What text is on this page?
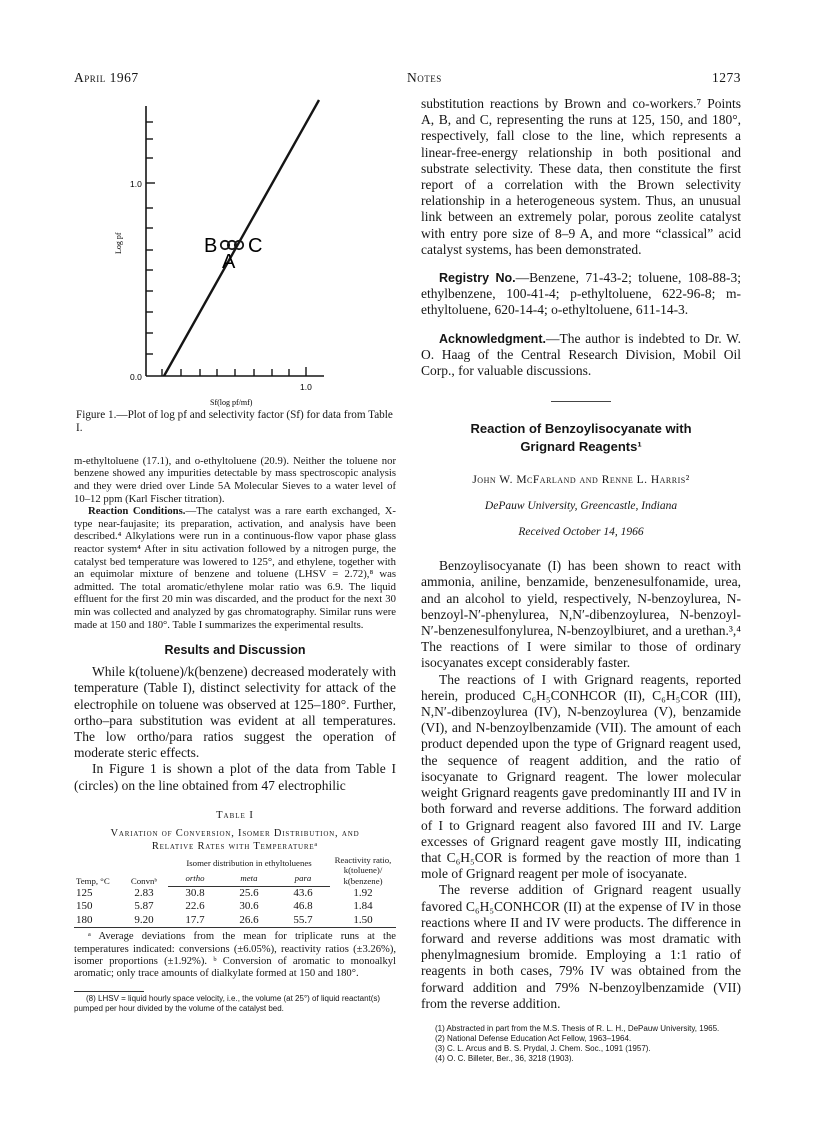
April 1967	Notes	1273
B C
A
1.0
0.0
1.0
Log pf
Sf(log pf/mf)

Figure 1.—Plot of log pf and selectivity factor (Sf) for data from Table I.

m-ethyltoluene (17.1), and o-ethyltoluene (20.9). Neither the toluene nor benzene showed any impurities detectable by mass spectroscopic analysis and they were dried over Linde 5A Molecular Sieves to a water level of 10–12 ppm (Karl Fischer titration).

Reaction Conditions.—The catalyst was a rare earth exchanged, X-type near-faujasite; its preparation, activation, and analysis have been described.⁴ Alkylations were run in a continuous-flow vapor phase glass reactor system⁴ After in situ activation followed by a nitrogen purge, the catalyst bed temperature was lowered to 125°, and ethylene, together with an equimolar mixture of benzene and toluene (LHSV = 2.72),⁸ was admitted. The total aromatic/ethylene molar ratio was 6.9. The liquid effluent for the first 20 min was discarded, and the product for the next 30 min was collected and analyzed by gas chromatography. Similar runs were made at 150 and 180°. Table I summarizes the experimental results.

Results and Discussion

While k(toluene)/k(benzene) decreased moderately with temperature (Table I), distinct selectivity for attack of the electrophile on toluene was observed at 125–180°. Further, ortho–para substitution was evident at all temperatures. The low ortho/para ratios suggest the operation of moderate steric effects.

In Figure 1 is shown a plot of the data from Table I (circles) on the line obtained from 47 electrophilic

Table I
Variation of Conversion, Isomer Distribution, and
Relative Rates with Temperatureᵃ
Temp, °C	Convnᵇ	Isomer distribution in ethyltoluenes			Reactivity ratio, k(toluene)/ k(benzene)
		ortho	meta	para	
125	2.83	30.8	25.6	43.6	1.92
150	5.87	22.6	30.6	46.8	1.84
180	9.20	17.7	26.6	55.7	1.50

ᵃ Average deviations from the mean for triplicate runs at the temperatures indicated: conversions (±6.05%), reactivity ratios (±3.26%), isomer proportions (±1.92%). ᵇ Conversion of aromatic to monoalkyl aromatic; only trace amounts of dialkylate formed at 150 and 180°.

(8) LHSV = liquid hourly space velocity, i.e., the volume (at 25°) of liquid reactant(s) pumped per hour divided by the volume of the catalyst bed.

substitution reactions by Brown and co-workers.⁷ Points A, B, and C, representing the runs at 125, 150, and 180°, respectively, fall close to the line, which represents a linear-free-energy relationship in both positional and substrate selectivity. These data, then constitute the first report of a correlation with the Brown selectivity relationship in a heterogeneous system. Thus, an unusual link between an extremely polar, porous zeolite catalyst with entry pore size of 8–9 A, and more “classical” acid catalyst systems, has been demonstrated.

Registry No.—Benzene, 71-43-2; toluene, 108-88-3; ethylbenzene, 100-41-4; p-ethyltoluene, 622-96-8; m-ethyltoluene, 620-14-4; o-ethyltoluene, 611-14-3.

Acknowledgment.—The author is indebted to Dr. W. O. Haag of the Central Research Division, Mobil Oil Corp., for valuable discussions.

Reaction of Benzoylisocyanate with

Grignard Reagents¹

John W. McFarland and Renne L. Harris²

DePauw University, Greencastle, Indiana

Received October 14, 1966

Benzoylisocyanate (I) has been shown to react with ammonia, aniline, benzamide, benzenesulfonamide, urea, and an alcohol to yield, respectively, N-benzoylurea, N-benzoyl-N′-phenylurea, N,N′-dibenzoylurea, N-benzoyl-N′-benzenesulfonylurea, N-benzoylbiuret, and a urethan.³,⁴ The reactions of I were similar to those of ordinary isocyanates except considerably faster.

The reactions of I with Grignard reagents, reported herein, produced C₆H₅CONHCOR (II), C₆H₅COR (III), N,N′-dibenzoylurea (IV), N-benzoylurea (V), benzamide (VI), and N-benzoylbenzamide (VII). The amount of each product depended upon the type of Grignard reagent used, the sequence of reagent addition, and the ratio of isocyanate to Grignard reagent. The lower molecular weight Grignard reagents gave predominantly III and IV in both forward and reverse additions. The forward addition of I to Grignard reagent also favored III and IV. Large excesses of Grignard reagent gave mostly III, indicating that C₆H₅COR is formed by the reaction of more than 1 mole of Grignard reagent per mole of isocyanate.

The reverse addition of Grignard reagent usually favored C₆H₅CONHCOR (II) at the expense of IV in those reactions where II and IV were products. The difference in forward and reverse additions was most dramatic with phenylmagnesium bromide. Employing a 1:1 ratio of reagents in both cases, 79% IV was obtained from the forward addition and 79% N-benzoylbenzamide (VII) from the reverse addition.

(1) Abstracted in part from the M.S. Thesis of R. L. H., DePauw University, 1965.

(2) National Defense Education Act Fellow, 1963–1964.

(3) C. L. Arcus and B. S. Prydal, J. Chem. Soc., 1091 (1957).

(4) O. C. Billeter, Ber., 36, 3218 (1903).
